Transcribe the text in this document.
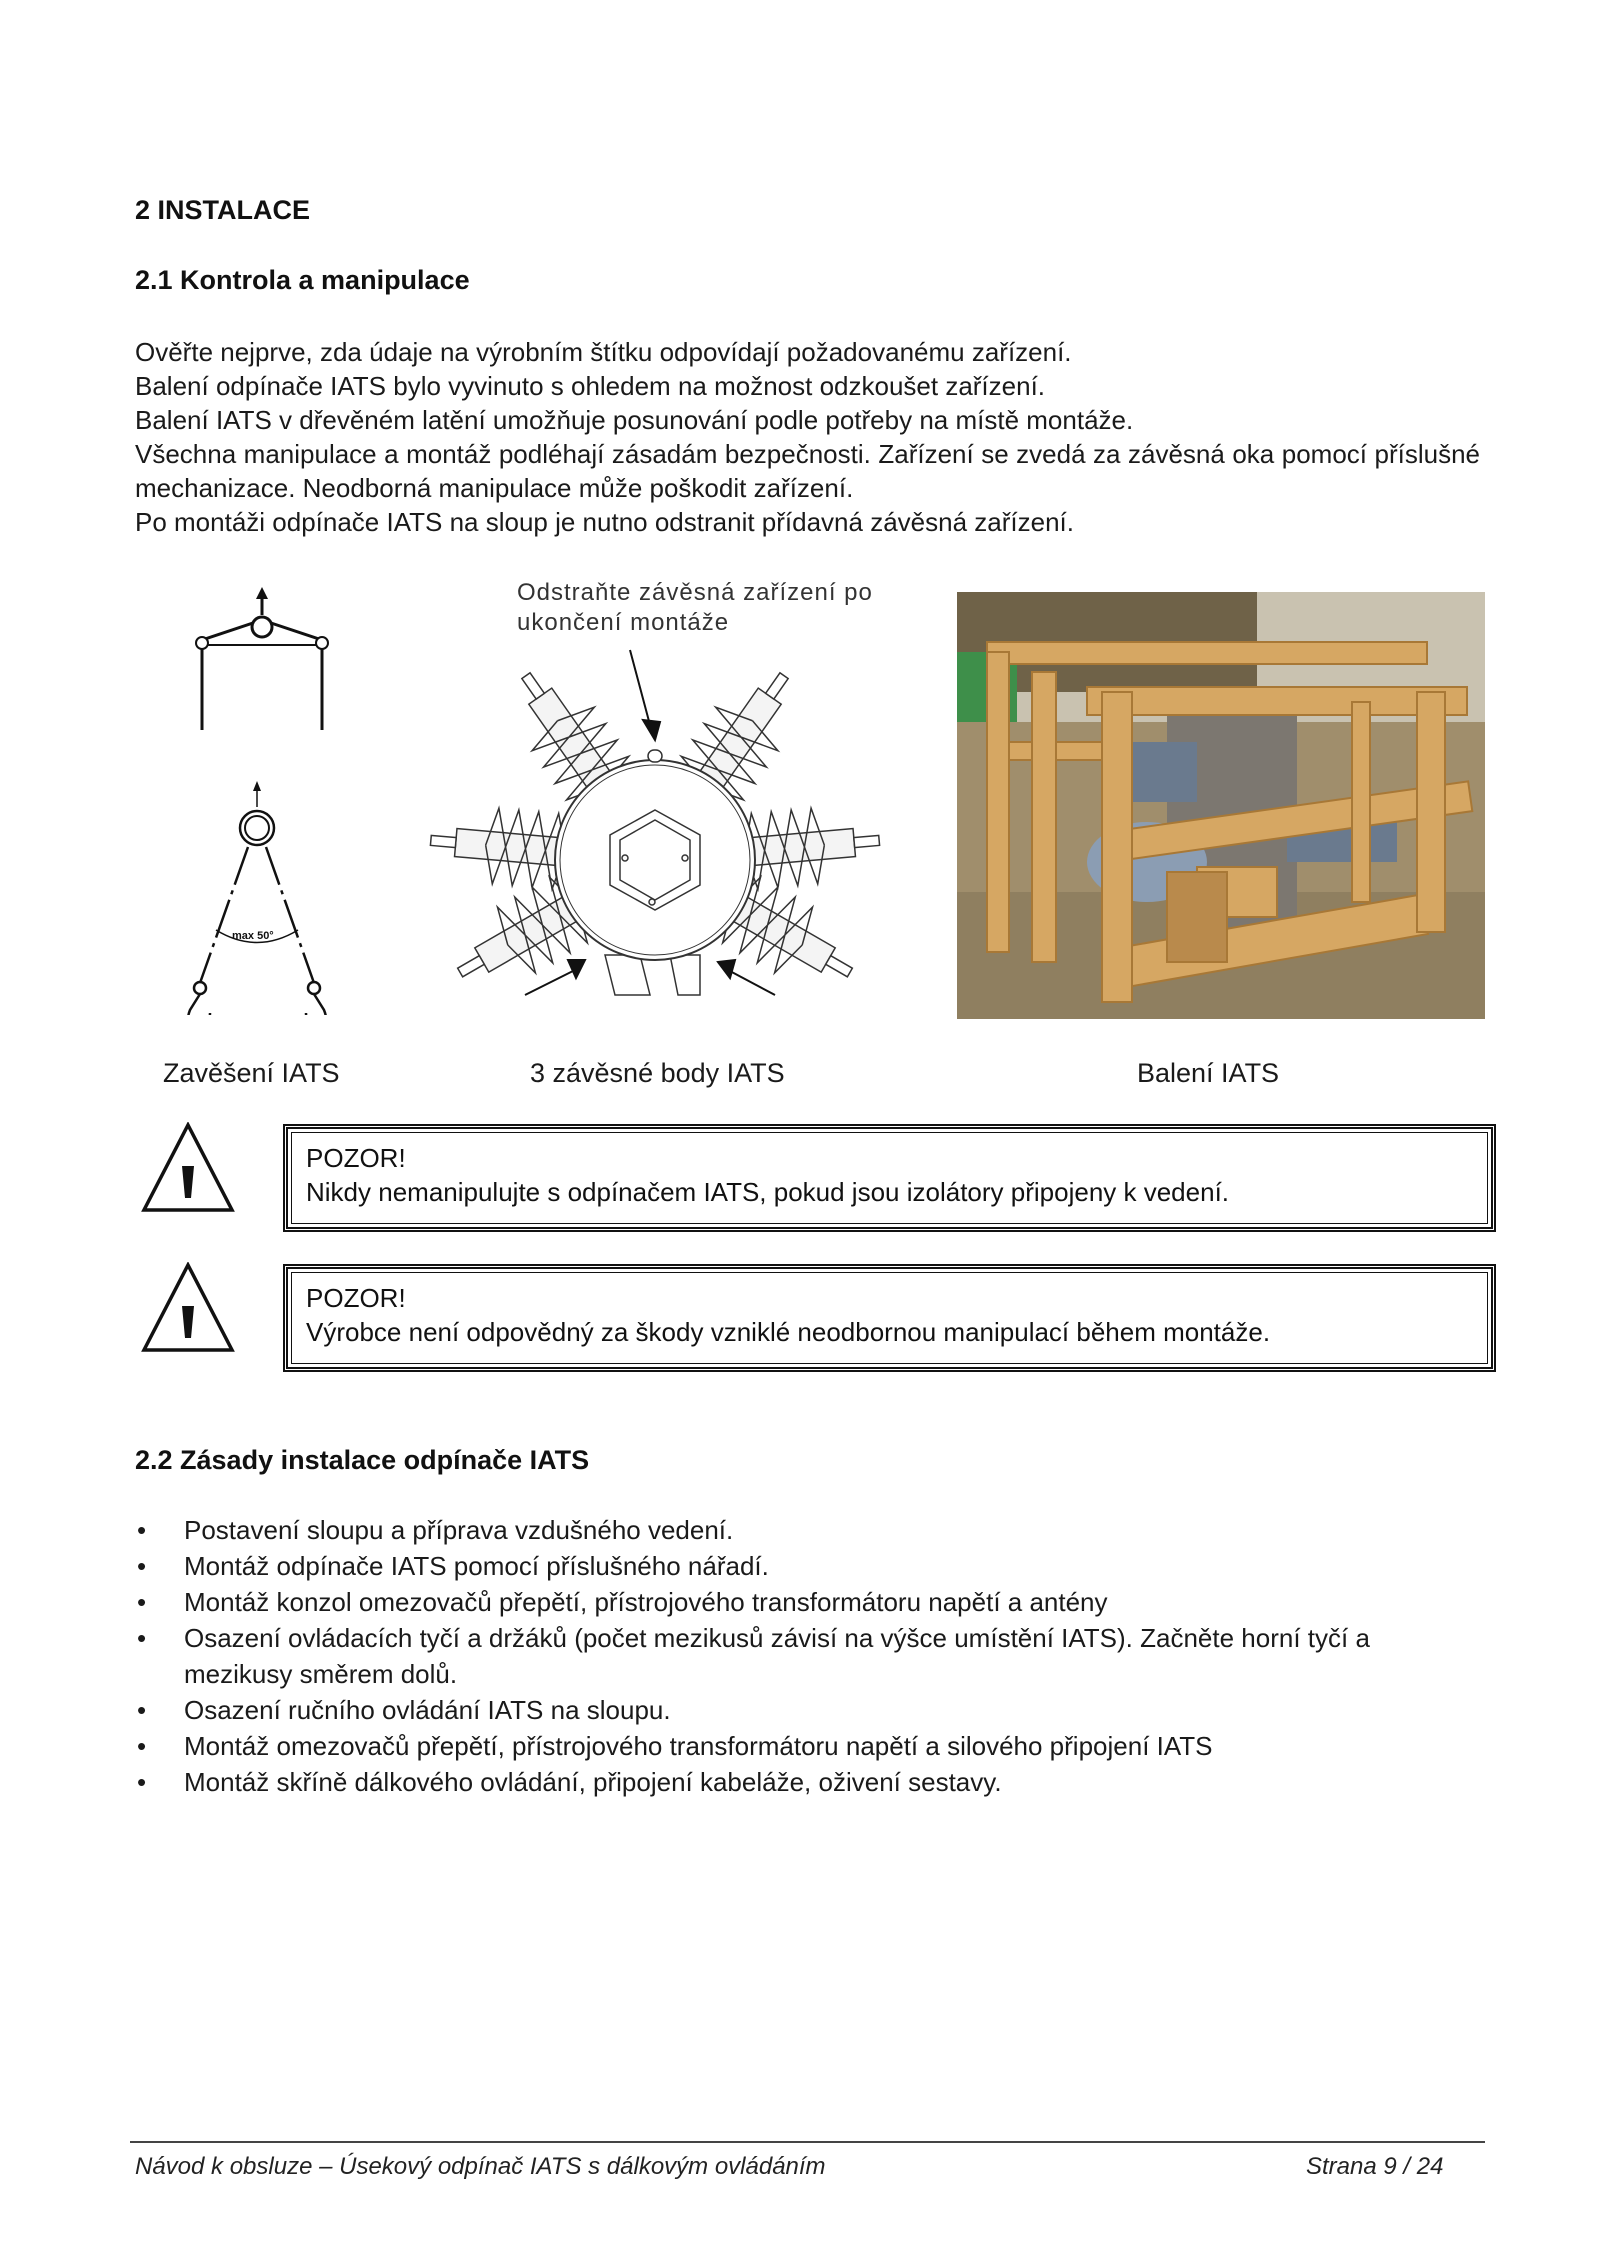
2 INSTALACE
2.1 Kontrola a manipulace
Ověřte nejprve, zda údaje na výrobním štítku odpovídají požadovanému zařízení.
Balení odpínače IATS bylo vyvinuto s ohledem na možnost odzkoušet zařízení.
Balení IATS v dřevěném latění umožňuje posunování podle potřeby na místě montáže.
Všechna manipulace a montáž podléhají zásadám bezpečnosti. Zařízení se zvedá za závěsná oka pomocí příslušné mechanizace. Neodborná manipulace může poškodit zařízení.
Po montáži odpínače IATS na sloup je nutno odstranit přídavná závěsná zařízení.
max 50°
Odstraňte závěsná zařízení po ukončení montáže
Zavěšení IATS	3 závěsné body IATS	Balení IATS
POZOR!
Nikdy nemanipulujte s odpínačem IATS, pokud jsou izolátory připojeny k vedení.
POZOR!
Výrobce není odpovědný za škody vzniklé neodbornou manipulací během montáže.
2.2 Zásady instalace odpínače IATS
• Postavení sloupu a příprava vzdušného vedení.
• Montáž odpínače IATS pomocí příslušného nářadí.
• Montáž konzol omezovačů přepětí, přístrojového transformátoru napětí a antény
• Osazení ovládacích tyčí a držáků (počet mezikusů závisí na výšce umístění IATS). Začněte horní tyčí a mezikusy směrem dolů.
• Osazení ručního ovládání IATS na sloupu.
• Montáž omezovačů přepětí, přístrojového transformátoru napětí a silového připojení IATS
• Montáž skříně dálkového ovládání, připojení kabeláže, oživení sestavy.
Návod k obsluze – Úsekový odpínač IATS s dálkovým ovládáním	Strana 9 / 24
